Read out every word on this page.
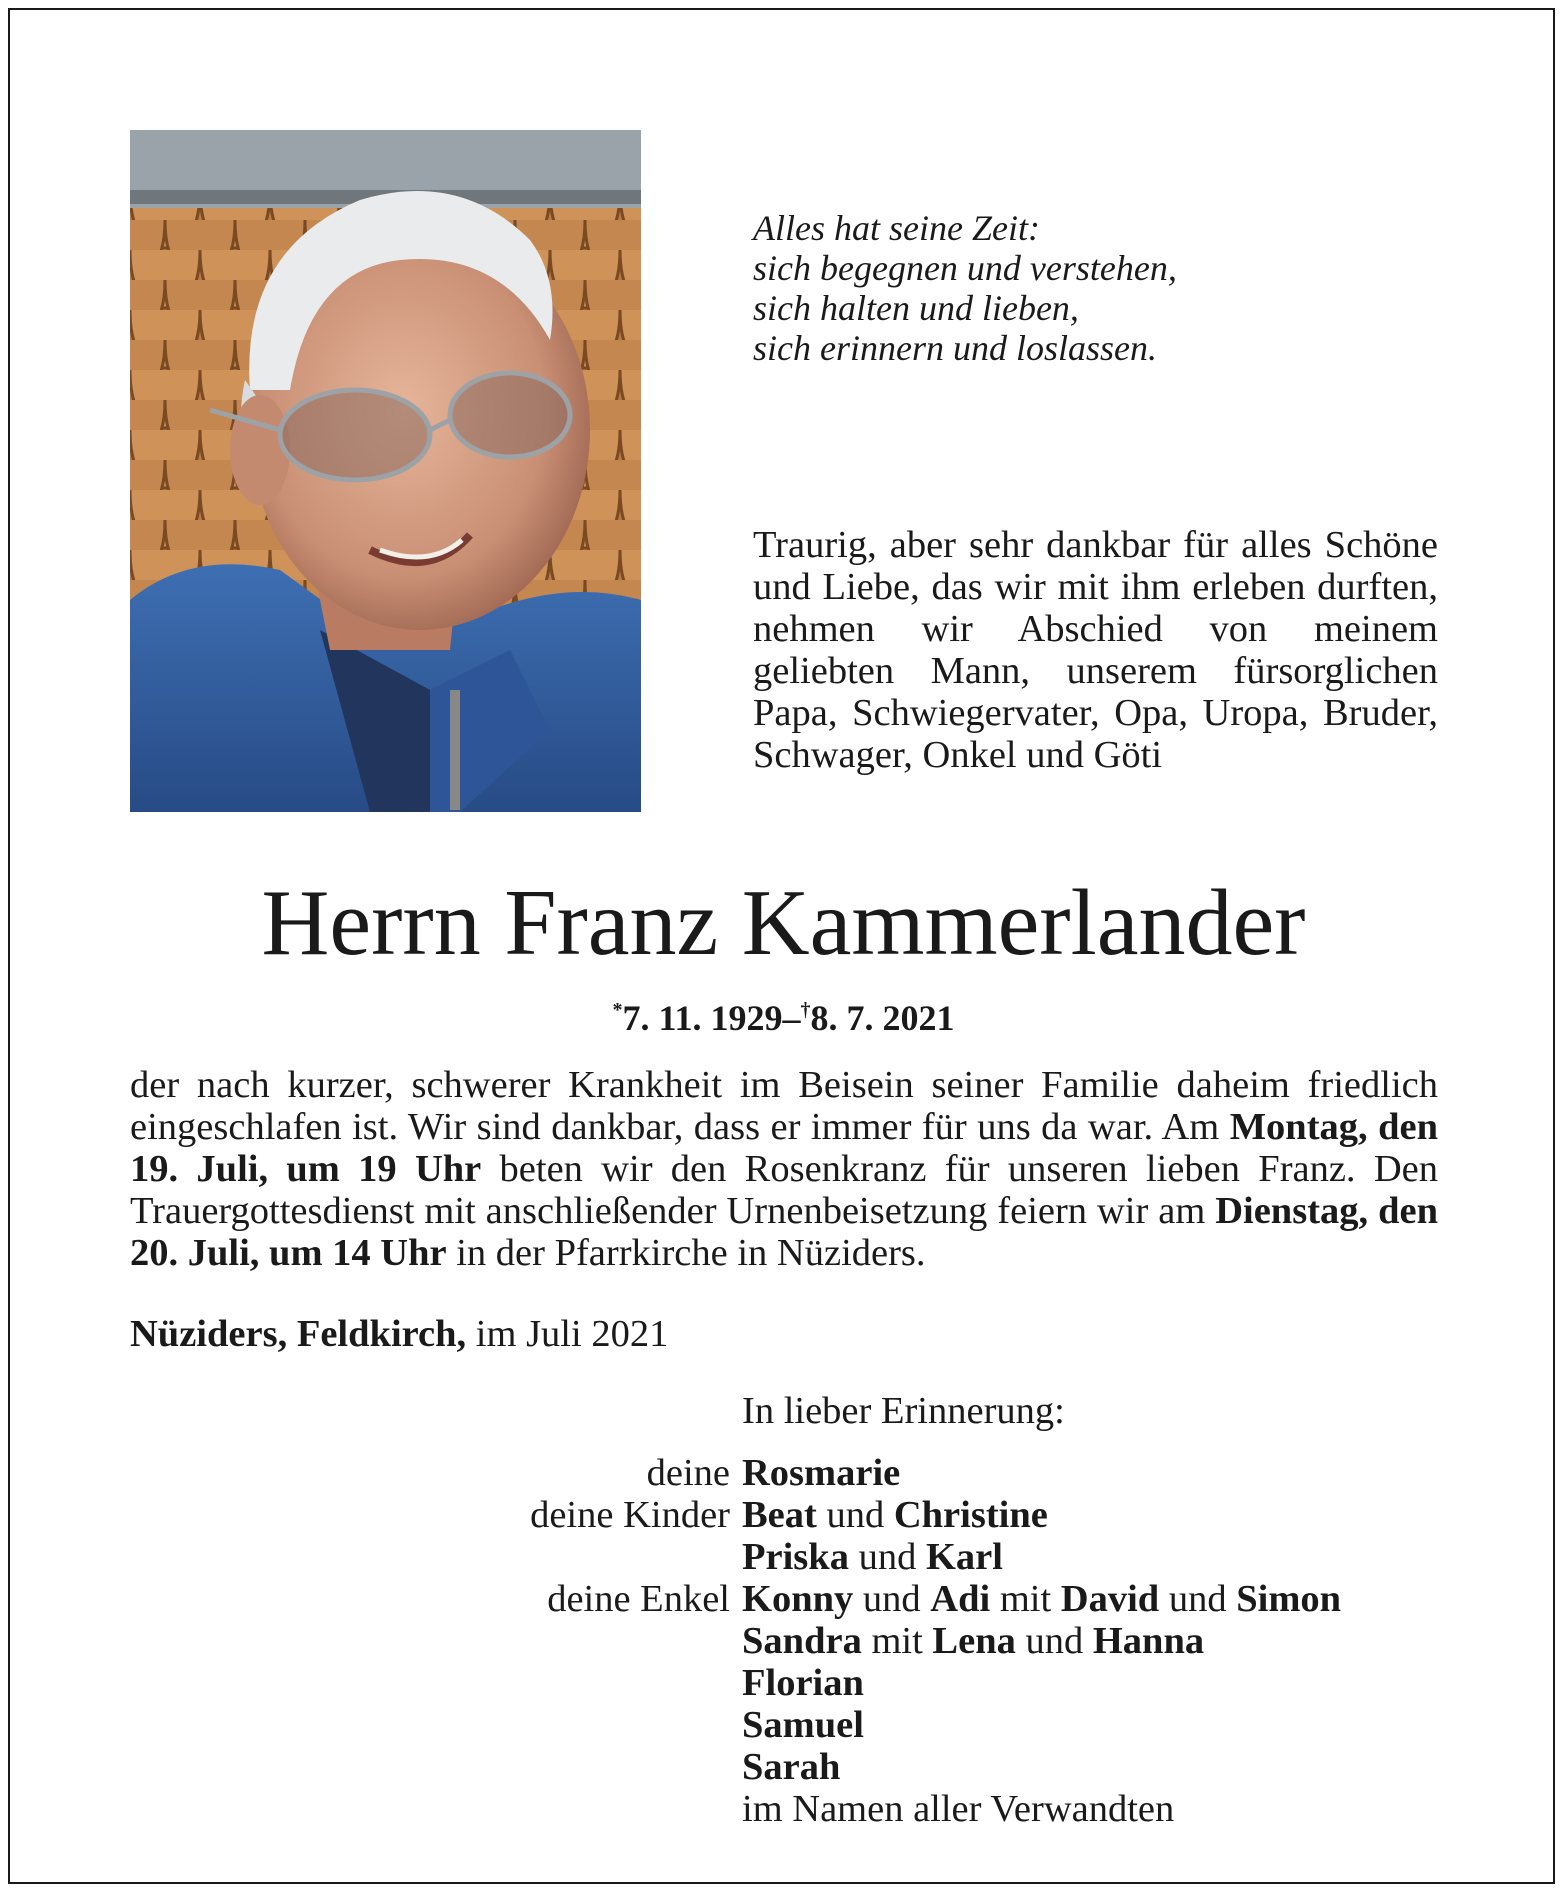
Alles hat seine Zeit:
sich begegnen und verstehen,
sich halten und lieben,
sich erinnern und loslassen.
Traurig, aber sehr dankbar für alles Schöne und Liebe, das wir mit ihm erleben durften, nehmen wir Abschied von meinem geliebten Mann, unserem fürsorglichen Papa, Schwiegervater, Opa, Uropa, Bruder, Schwager, Onkel und Göti
Herrn Franz Kammerlander
*7. 11. 1929–†8. 7. 2021
der nach kurzer, schwerer Krankheit im Beisein seiner Familie daheim friedlich eingeschlafen ist. Wir sind dankbar, dass er immer für uns da war. Am Montag, den 19. Juli, um 19 Uhr beten wir den Rosenkranz für unseren lieben Franz. Den Trauergottesdienst mit anschließender Urnenbeisetzung feiern wir am Dienstag, den 20. Juli, um 14 Uhr in der Pfarrkirche in Nüziders.
Nüziders, Feldkirch, im Juli 2021
In lieber Erinnerung:
deine Rosmarie
deine Kinder Beat und Christine
Priska und Karl
deine Enkel Konny und Adi mit David und Simon
Sandra mit Lena und Hanna
Florian
Samuel
Sarah
im Namen aller Verwandten
